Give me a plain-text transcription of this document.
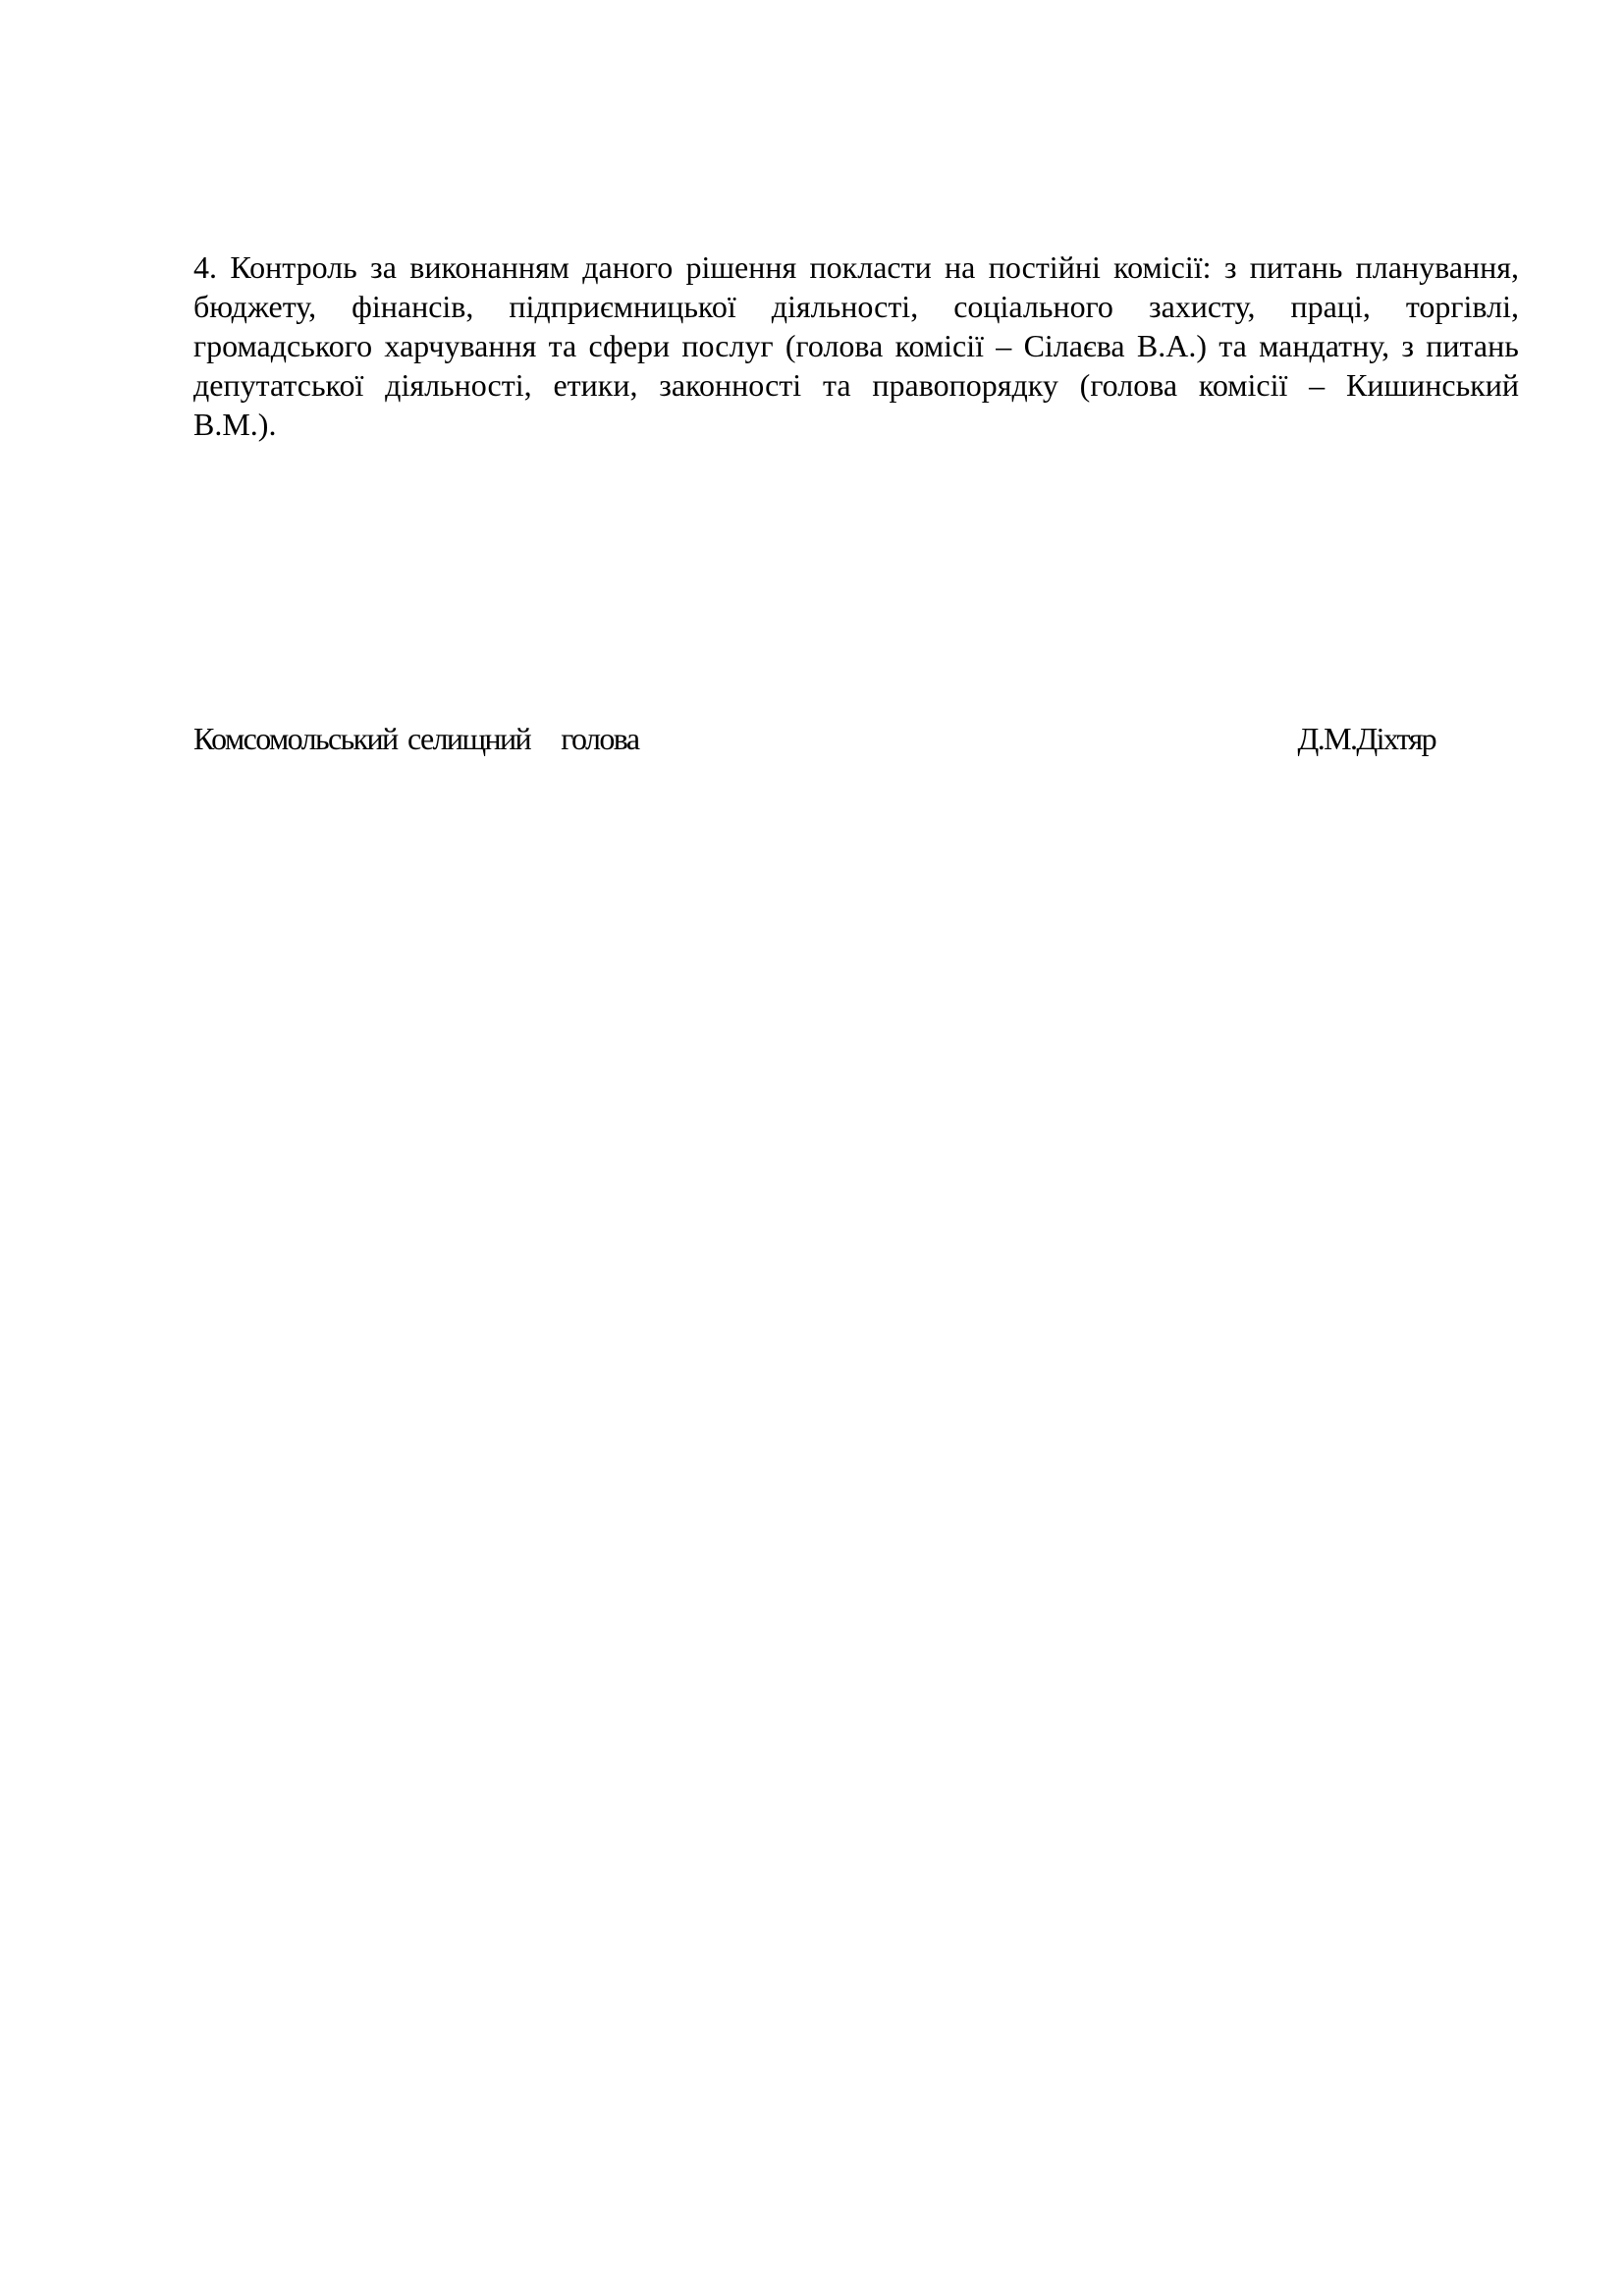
4. Контроль за виконанням даного рішення покласти на постійні комісії: з питань планування,
бюджету, фінансів, підприємницької діяльності, соціального захисту, праці, торгівлі,
громадського харчування та сфери послуг (голова комісії – Сілаєва В.А.) та мандатну, з питань
депутатської діяльності, етики, законності та правопорядку (голова комісії – Кишинський
В.М.).
Комсомольський селищний   голова	Д.М.Діхтяр
